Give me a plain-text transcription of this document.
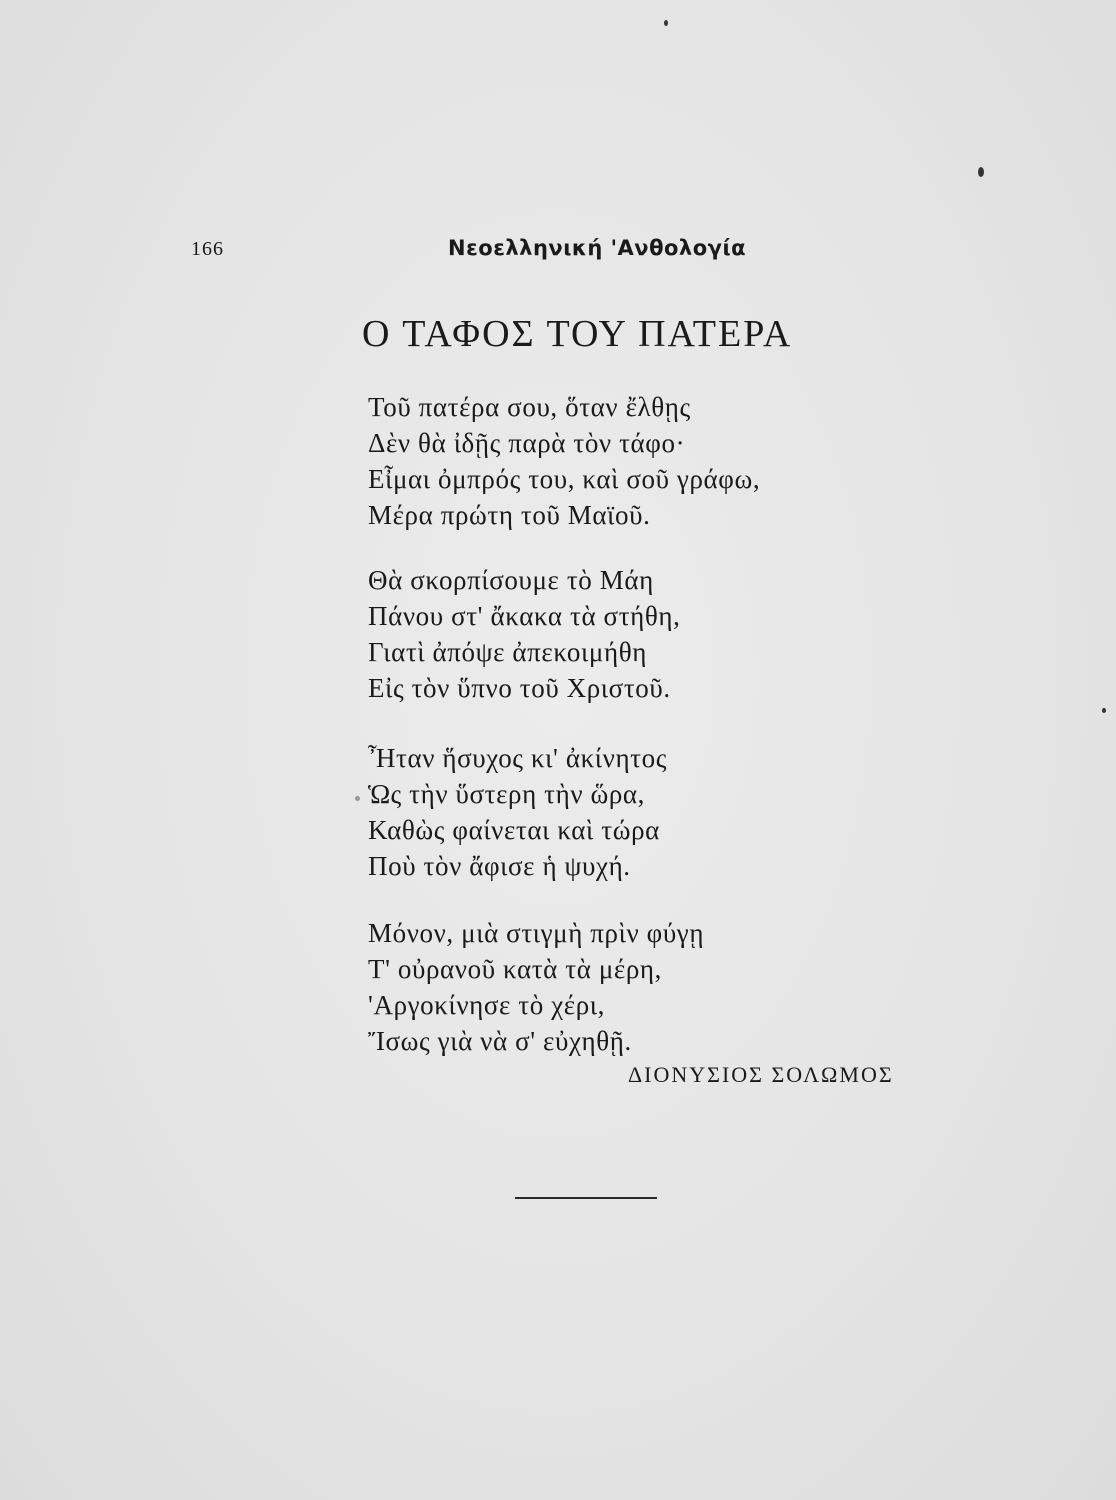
166	Νεοελληνική 'Ανθολογία
Ο ΤΑΦΟΣ ΤΟΥ ΠΑΤΕΡΑ
Τοῦ πατέρα σου, ὅταν ἔλθῃς
Δὲν θὰ ἰδῇς παρὰ τὸν τάφο·
Εἶμαι ὀμπρός του, καὶ σοῦ γράφω,
Μέρα πρώτη τοῦ Μαϊοῦ.
Θὰ σκορπίσουμε τὸ Μάη
Πάνου στ' ἄκακα τὰ στήθη,
Γιατὶ ἀπόψε ἀπεκοιμήθη
Εἰς τὸν ὕπνο τοῦ Χριστοῦ.
Ἦταν ἥσυχος κι' ἀκίνητος
Ὡς τὴν ὕστερη τὴν ὥρα,
Καθὼς φαίνεται καὶ τώρα
Ποὺ τὸν ἄφισε ἡ ψυχή.
Μόνον, μιὰ στιγμὴ πρὶν φύγῃ
Τ' οὐρανοῦ κατὰ τὰ μέρη,
'Αργοκίνησε τὸ χέρι,
Ἴσως γιὰ νὰ σ' εὐχηθῇ.
ΔΙΟΝΥΣΙΟΣ ΣΟΛΩΜΟΣ
